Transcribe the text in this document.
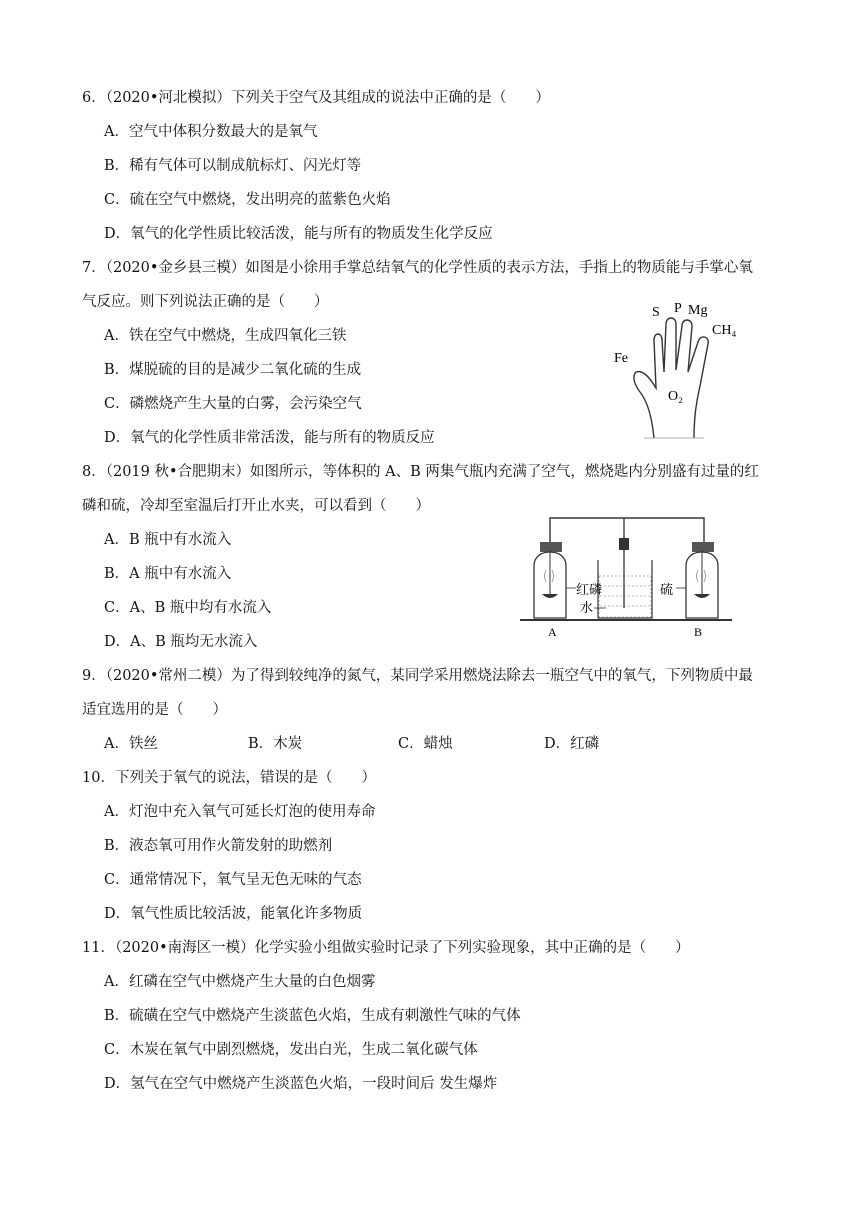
6．（2020•河北模拟）下列关于空气及其组成的说法中正确的是（　　）
A．空气中体积分数最大的是氧气
B．稀有气体可以制成航标灯、闪光灯等
C．硫在空气中燃烧，发出明亮的蓝紫色火焰
D．氧气的化学性质比较活泼，能与所有的物质发生化学反应
7．（2020•金乡县三模）如图是小徐用手掌总结氧气的化学性质的表示方法，手指上的物质能与手掌心氧
气反应。则下列说法正确的是（　　）
A．铁在空气中燃烧，生成四氧化三铁
B．煤脱硫的目的是减少二氧化硫的生成
C．磷燃烧产生大量的白雾，会污染空气
D．氧气的化学性质非常活泼，能与所有的物质反应
S P Mg
CH₄
Fe
O₂
8．（2019 秋•合肥期末）如图所示，等体积的 A、B 两集气瓶内充满了空气，燃烧匙内分别盛有过量的红
磷和硫，冷却至室温后打开止水夹，可以看到（　　）
A．B 瓶中有水流入
B．A 瓶中有水流入
C．A、B 瓶中均有水流入
D．A、B 瓶均无水流入
红磷
水
硫
A	B
9．（2020•常州二模）为了得到较纯净的氮气，某同学采用燃烧法除去一瓶空气中的氧气，下列物质中最
适宜选用的是（　　）
A．铁丝	B．木炭	C．蜡烛	D．红磷
10．下列关于氧气的说法，错误的是（　　）
A．灯泡中充入氧气可延长灯泡的使用寿命
B．液态氧可用作火箭发射的助燃剂
C．通常情况下，氧气呈无色无味的气态
D．氧气性质比较活波，能氧化许多物质
11．（2020•南海区一模）化学实验小组做实验时记录了下列实验现象，其中正确的是（　　）
A．红磷在空气中燃烧产生大量的白色烟雾
B．硫磺在空气中燃烧产生淡蓝色火焰，生成有刺激性气味的气体
C．木炭在氧气中剧烈燃烧，发出白光，生成二氧化碳气体
D．氢气在空气中燃烧产生淡蓝色火焰，一段时间后 发生爆炸
